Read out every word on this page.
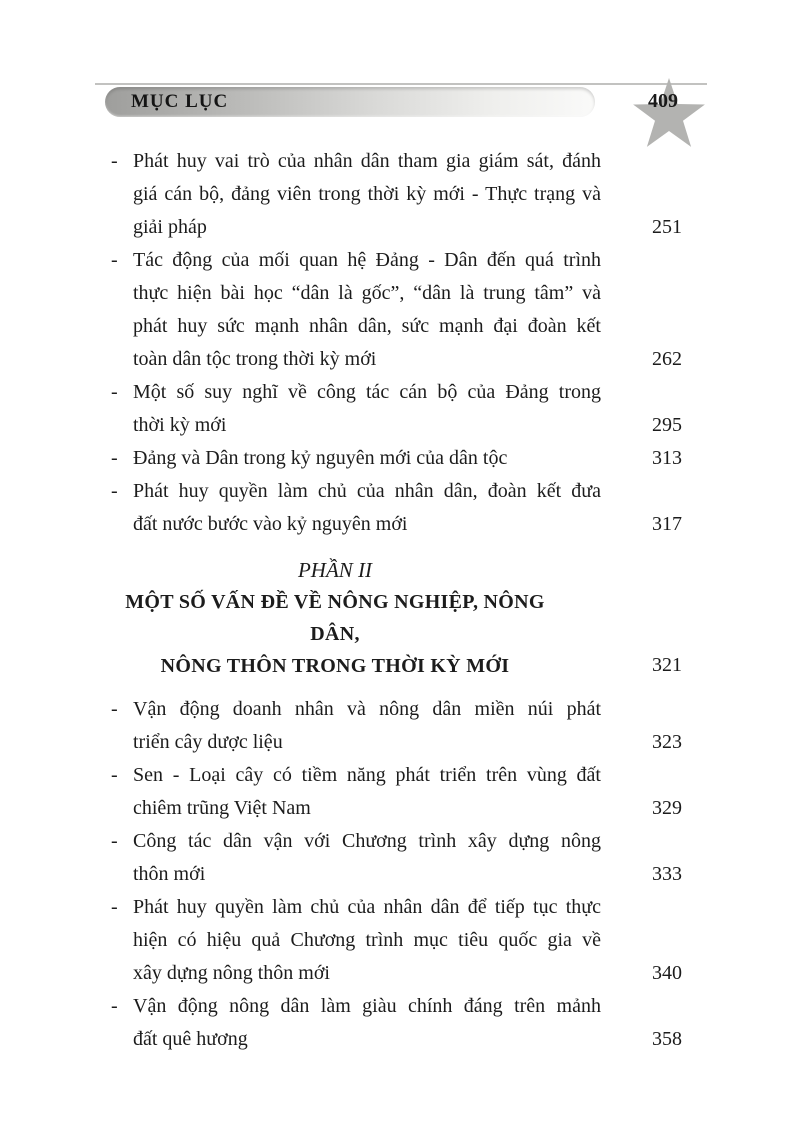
MỤC LỤC	409
- Phát huy vai trò của nhân dân tham gia giám sát, đánh
giá cán bộ, đảng viên trong thời kỳ mới - Thực trạng và
giải pháp	251
- Tác động của mối quan hệ Đảng - Dân đến quá trình
thực hiện bài học “dân là gốc”, “dân là trung tâm” và
phát huy sức mạnh nhân dân, sức mạnh đại đoàn kết
toàn dân tộc trong thời kỳ mới	262
- Một số suy nghĩ về công tác cán bộ của Đảng trong
thời kỳ mới	295
- Đảng và Dân trong kỷ nguyên mới của dân tộc	313
- Phát huy quyền làm chủ của nhân dân, đoàn kết đưa
đất nước bước vào kỷ nguyên mới	317
PHẦN II
MỘT SỐ VẤN ĐỀ VỀ NÔNG NGHIỆP, NÔNG DÂN,
NÔNG THÔN TRONG THỜI KỲ MỚI	321
- Vận động doanh nhân và nông dân miền núi phát
triển cây dược liệu	323
- Sen - Loại cây có tiềm năng phát triển trên vùng đất
chiêm trũng Việt Nam	329
- Công tác dân vận với Chương trình xây dựng nông
thôn mới	333
- Phát huy quyền làm chủ của nhân dân để tiếp tục thực
hiện có hiệu quả Chương trình mục tiêu quốc gia về
xây dựng nông thôn mới	340
- Vận động nông dân làm giàu chính đáng trên mảnh
đất quê hương	358
